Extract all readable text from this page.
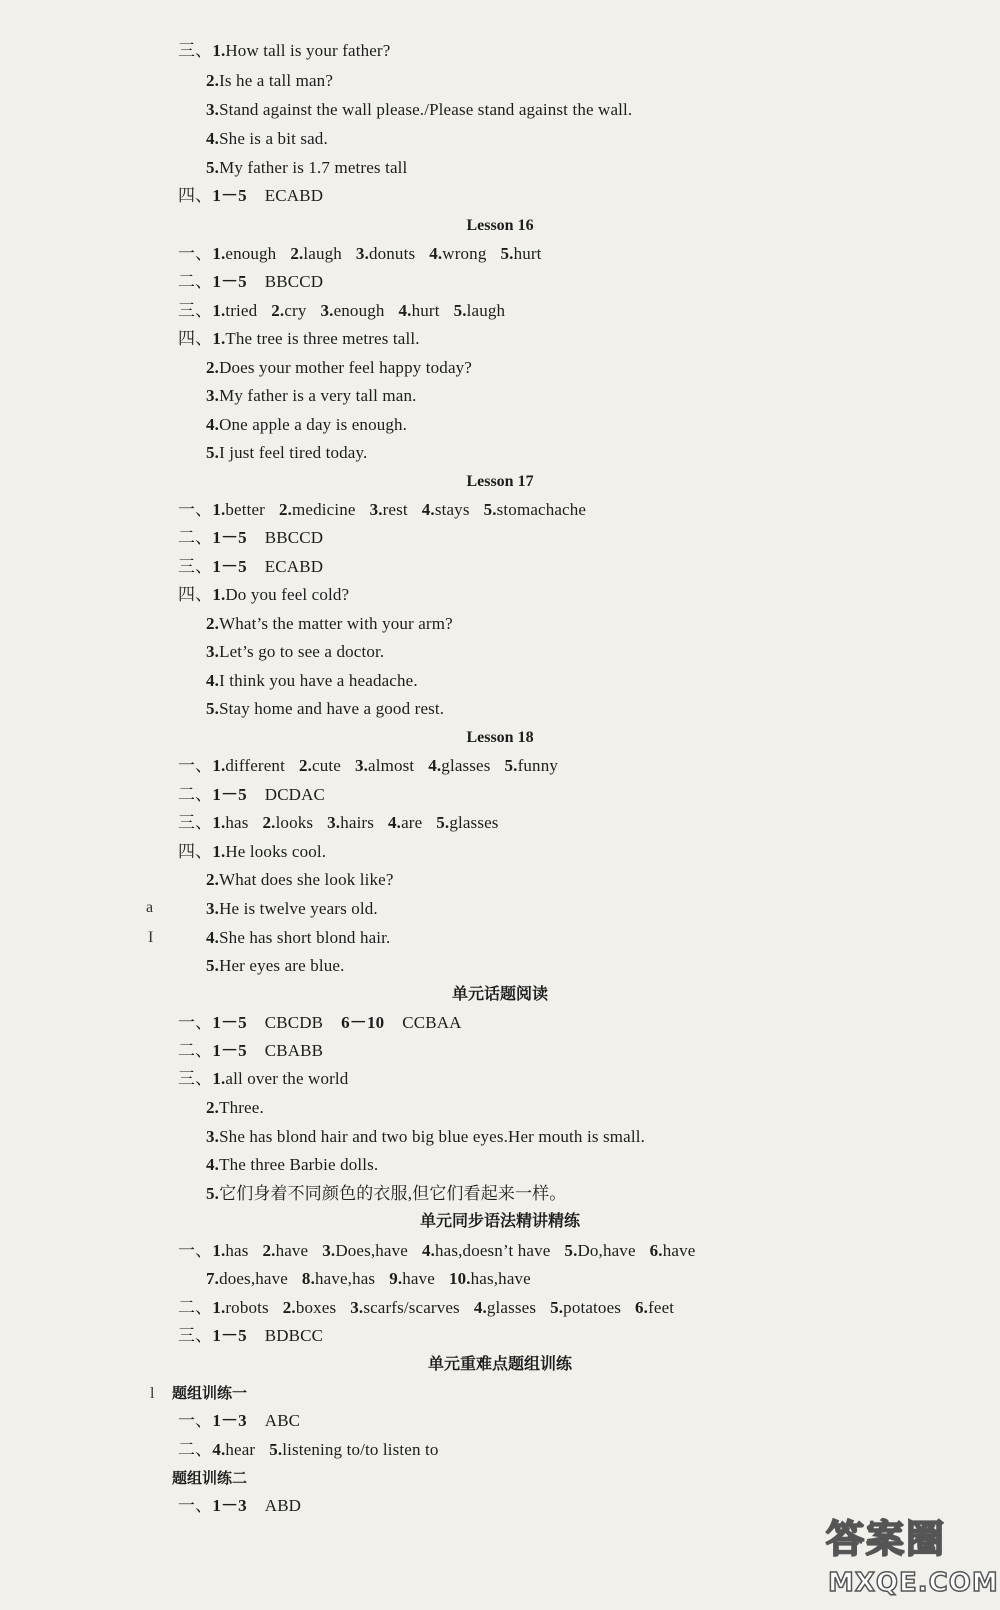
三、1.How tall is your father?
2.Is he a tall man?
3.Stand against the wall please./Please stand against the wall.
4.She is a bit sad.
5.My father is 1.7 metres tall
四、1－5 ECABD
Lesson 16
一、1.enough 2.laugh 3.donuts 4.wrong 5.hurt
二、1－5 BBCCD
三、1.tried 2.cry 3.enough 4.hurt 5.laugh
四、1.The tree is three metres tall.
2.Does your mother feel happy today?
3.My father is a very tall man.
4.One apple a day is enough.
5.I just feel tired today.
Lesson 17
一、1.better 2.medicine 3.rest 4.stays 5.stomachache
二、1－5 BBCCD
三、1－5 ECABD
四、1.Do you feel cold?
2.What’s the matter with your arm?
3.Let’s go to see a doctor.
4.I think you have a headache.
5.Stay home and have a good rest.
Lesson 18
一、1.different 2.cute 3.almost 4.glasses 5.funny
二、1－5 DCDAC
三、1.has 2.looks 3.hairs 4.are 5.glasses
四、1.He looks cool.
2.What does she look like?
3.He is twelve years old.
4.She has short blond hair.
5.Her eyes are blue.
单元话题阅读
一、1－5 CBCDB 6－10 CCBAA
二、1－5 CBABB
三、1.all over the world
2.Three.
3.She has blond hair and two big blue eyes.Her mouth is small.
4.The three Barbie dolls.
5.它们身着不同颜色的衣服,但它们看起来一样。
单元同步语法精讲精练
一、1.has 2.have 3.Does,have 4.has,doesn’t have 5.Do,have 6.have
7.does,have 8.have,has 9.have 10.has,have
二、1.robots 2.boxes 3.scarfs/scarves 4.glasses 5.potatoes 6.feet
三、1－5 BDBCC
单元重难点题组训练
题组训练一
一、1－3 ABC
二、4.hear 5.listening to/to listen to
题组训练二
一、1－3 ABD
a
I
l
答案圈
MXQE.COM
